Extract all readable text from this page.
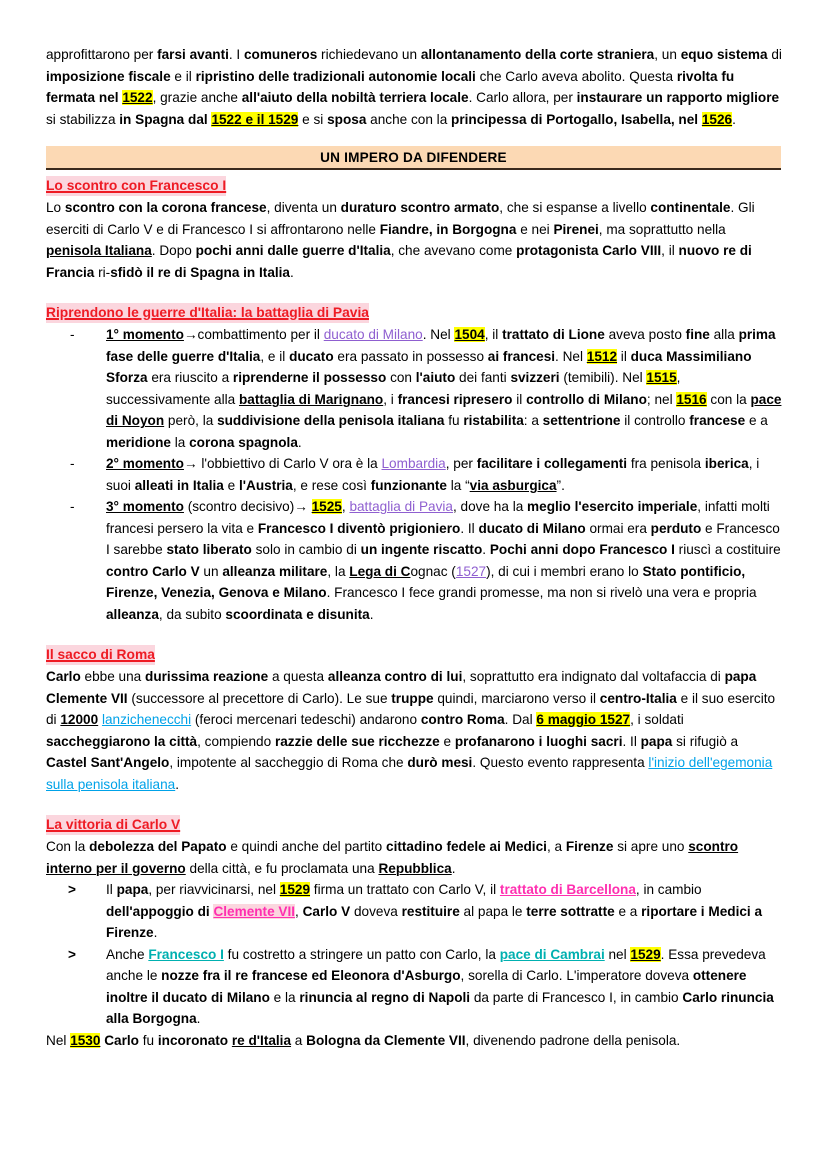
approfittarono per farsi avanti. I comuneros richiedevano un allontanamento della corte straniera, un equo sistema di imposizione fiscale e il ripristino delle tradizionali autonomie locali che Carlo aveva abolito. Questa rivolta fu fermata nel 1522, grazie anche all'aiuto della nobiltà terriera locale. Carlo allora, per instaurare un rapporto migliore si stabilizza in Spagna dal 1522 e il 1529 e si sposa anche con la principessa di Portogallo, Isabella, nel 1526.

UN IMPERO DA DIFENDERE
Lo scontro con Francesco I

Lo scontro con la corona francese, diventa un duraturo scontro armato, che si espanse a livello continentale. Gli eserciti di Carlo V e di Francesco I si affrontarono nelle Fiandre, in Borgogna e nei Pirenei, ma soprattutto nella penisola Italiana. Dopo pochi anni dalle guerre d'Italia, che avevano come protagonista Carlo VIII, il nuovo re di Francia ri-sfidò il re di Spagna in Italia.

Riprendono le guerre d'Italia: la battaglia di Pavia
- 1° momento→combattimento per il ducato di Milano. Nel 1504, il trattato di Lione aveva posto fine alla prima fase delle guerre d'Italia, e il ducato era passato in possesso ai francesi. Nel 1512 il duca Massimiliano Sforza era riuscito a riprenderne il possesso con l'aiuto dei fanti svizzeri (temibili). Nel 1515, successivamente alla battaglia di Marignano, i francesi ripresero il controllo di Milano; nel 1516 con la pace di Noyon però, la suddivisione della penisola italiana fu ristabilita: a settentrione il controllo francese e a meridione la corona spagnola.
- 2° momento→ l'obbiettivo di Carlo V ora è la Lombardia, per facilitare i collegamenti fra penisola iberica, i suoi alleati in Italia e l'Austria, e rese così funzionante la “via asburgica”.
- 3° momento (scontro decisivo)→ 1525, battaglia di Pavia, dove ha la meglio l'esercito imperiale, infatti molti francesi persero la vita e Francesco I diventò prigioniero. Il ducato di Milano ormai era perduto e Francesco I sarebbe stato liberato solo in cambio di un ingente riscatto. Pochi anni dopo Francesco I riuscì a costituire contro Carlo V un alleanza militare, la Lega di Cognac (1527), di cui i membri erano lo Stato pontificio, Firenze, Venezia, Genova e Milano. Francesco I fece grandi promesse, ma non si rivelò una vera e propria alleanza, da subito scoordinata e disunita.
Il sacco di Roma

Carlo ebbe una durissima reazione a questa alleanza contro di lui, soprattutto era indignato dal voltafaccia di papa Clemente VII (successore al precettore di Carlo). Le sue truppe quindi, marciarono verso il centro-Italia e il suo esercito di 12000 lanzichenecchi (feroci mercenari tedeschi) andarono contro Roma. Dal 6 maggio 1527, i soldati saccheggiarono la città, compiendo razzie delle sue ricchezze e profanarono i luoghi sacri. Il papa si rifugiò a Castel Sant'Angelo, impotente al saccheggio di Roma che durò mesi. Questo evento rappresenta l'inizio dell'egemonia sulla penisola italiana.

La vittoria di Carlo V

Con la debolezza del Papato e quindi anche del partito cittadino fedele ai Medici, a Firenze si apre uno scontro interno per il governo della città, e fu proclamata una Repubblica.

> Il papa, per riavvicinarsi, nel 1529 firma un trattato con Carlo V, il trattato di Barcellona, in cambio dell'appoggio di Clemente VII, Carlo V doveva restituire al papa le terre sottratte e a riportare i Medici a Firenze.
> Anche Francesco I fu costretto a stringere un patto con Carlo, la pace di Cambrai nel 1529. Essa prevedeva anche le nozze fra il re francese ed Eleonora d'Asburgo, sorella di Carlo. L'imperatore doveva ottenere inoltre il ducato di Milano e la rinuncia al regno di Napoli da parte di Francesco I, in cambio Carlo rinuncia alla Borgogna.

Nel 1530 Carlo fu incoronato re d'Italia a Bologna da Clemente VII, divenendo padrone della penisola.
